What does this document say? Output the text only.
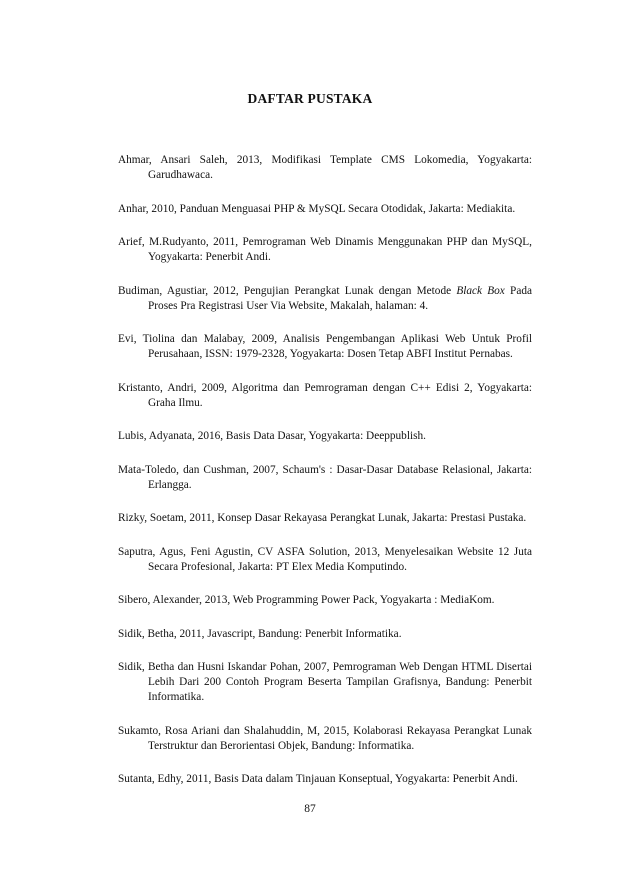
DAFTAR PUSTAKA
Ahmar, Ansari Saleh, 2013, Modifikasi Template CMS Lokomedia, Yogyakarta: Garudhawaca.
Anhar, 2010, Panduan Menguasai PHP & MySQL Secara Otodidak, Jakarta: Mediakita.
Arief, M.Rudyanto, 2011, Pemrograman Web Dinamis Menggunakan PHP dan MySQL, Yogyakarta: Penerbit Andi.
Budiman, Agustiar, 2012, Pengujian Perangkat Lunak dengan Metode Black Box Pada Proses Pra Registrasi User Via Website, Makalah, halaman: 4.
Evi, Tiolina dan Malabay, 2009, Analisis Pengembangan Aplikasi Web Untuk Profil Perusahaan, ISSN: 1979-2328, Yogyakarta: Dosen Tetap ABFI Institut Pernabas.
Kristanto, Andri, 2009, Algoritma dan Pemrograman dengan C++ Edisi 2, Yogyakarta: Graha Ilmu.
Lubis, Adyanata, 2016, Basis Data Dasar, Yogyakarta: Deeppublish.
Mata-Toledo, dan Cushman, 2007, Schaum's : Dasar-Dasar Database Relasional, Jakarta: Erlangga.
Rizky, Soetam, 2011, Konsep Dasar Rekayasa Perangkat Lunak, Jakarta: Prestasi Pustaka.
Saputra, Agus, Feni Agustin, CV ASFA Solution, 2013, Menyelesaikan Website 12 Juta Secara Profesional, Jakarta: PT Elex Media Komputindo.
Sibero, Alexander, 2013, Web Programming Power Pack, Yogyakarta : MediaKom.
Sidik, Betha, 2011, Javascript, Bandung: Penerbit Informatika.
Sidik, Betha dan Husni Iskandar Pohan, 2007, Pemrograman Web Dengan HTML Disertai Lebih Dari 200 Contoh Program Beserta Tampilan Grafisnya, Bandung: Penerbit Informatika.
Sukamto, Rosa Ariani dan Shalahuddin, M, 2015, Kolaborasi Rekayasa Perangkat Lunak Terstruktur dan Berorientasi Objek, Bandung: Informatika.
Sutanta, Edhy, 2011, Basis Data dalam Tinjauan Konseptual, Yogyakarta: Penerbit Andi.
87
